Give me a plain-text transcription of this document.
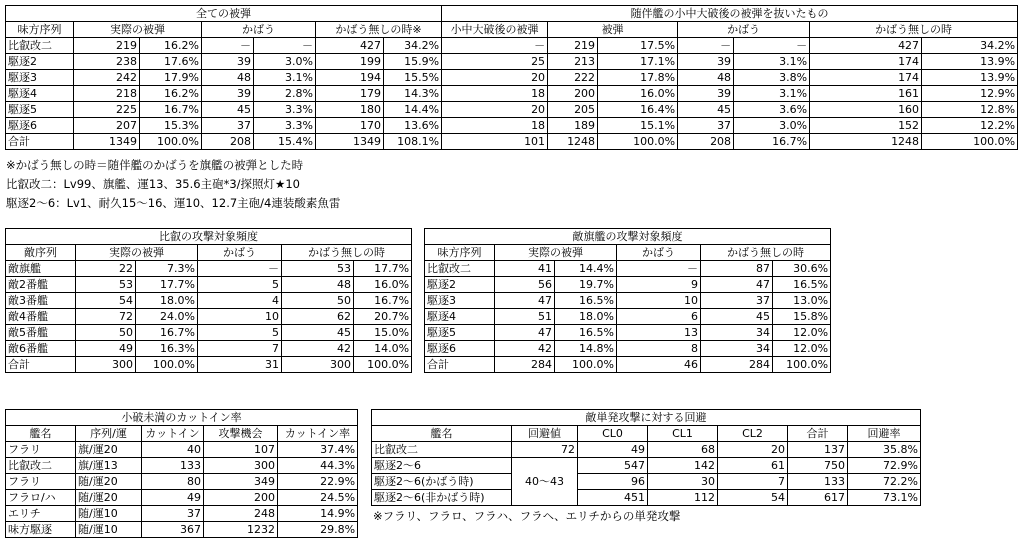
全ての被弾							随伴艦の小中大破後の被弾を抜いたもの						
味方序列	実際の被弾		かばう		かばう無しの時※		小中大破後の被弾	被弾		かばう		かばう無しの時	
比叡改二	219	16.2%	－	－	427	34.2%	－	219	17.5%	－	－	427	34.2%
駆逐2	238	17.6%	39	3.0%	199	15.9%	25	213	17.1%	39	3.1%	174	13.9%
駆逐3	242	17.9%	48	3.1%	194	15.5%	20	222	17.8%	48	3.8%	174	13.9%
駆逐4	218	16.2%	39	2.8%	179	14.3%	18	200	16.0%	39	3.1%	161	12.9%
駆逐5	225	16.7%	45	3.3%	180	14.4%	20	205	16.4%	45	3.6%	160	12.8%
駆逐6	207	15.3%	37	3.3%	170	13.6%	18	189	15.1%	37	3.0%	152	12.2%
合計	1349	100.0%	208	15.4%	1349	108.1%	101	1248	100.0%	208	16.7%	1248	100.0%
※かばう無しの時＝随伴艦のかばうを旗艦の被弾とした時
比叡改二：Lv99、旗艦、運13、35.6主砲*3/探照灯★10
駆逐2～6：Lv1、耐久15～16、運10、12.7主砲/4連装酸素魚雷
比叡の攻撃対象頻度					
敵序列	実際の被弾		かばう	かばう無しの時	
敵旗艦	22	7.3%	－	53	17.7%
敵2番艦	53	17.7%	5	48	16.0%
敵3番艦	54	18.0%	4	50	16.7%
敵4番艦	72	24.0%	10	62	20.7%
敵5番艦	50	16.7%	5	45	15.0%
敵6番艦	49	16.3%	7	42	14.0%
合計	300	100.0%	31	300	100.0%
敵旗艦の攻撃対象頻度					
味方序列	実際の被弾		かばう	かばう無しの時	
比叡改二	41	14.4%	－	87	30.6%
駆逐2	56	19.7%	9	47	16.5%
駆逐3	47	16.5%	10	37	13.0%
駆逐4	51	18.0%	6	45	15.8%
駆逐5	47	16.5%	13	34	12.0%
駆逐6	42	14.8%	8	34	12.0%
合計	284	100.0%	46	284	100.0%
小破未満のカットイン率				
艦名	序列/運	カットイン	攻撃機会	カットイン率
フラリ	旗/運20	40	107	37.4%
比叡改二	旗/運13	133	300	44.3%
フラリ	随/運20	80	349	22.9%
フラロ/ハ	随/運20	49	200	24.5%
エリチ	随/運10	37	248	14.9%
味方駆逐	随/運10	367	1232	29.8%
敵単発攻撃に対する回避						
艦名	回避値	CL0	CL1	CL2	合計	回避率
比叡改二	72	49	68	20	137	35.8%
駆逐2～6	40～43	547	142	61	750	72.9%
駆逐2～6(かばう時)		96	30	7	133	72.2%
駆逐2～6(非かばう時)		451	112	54	617	73.1%
※フラリ、フラロ、フラハ、フラヘ、エリチからの単発攻撃
